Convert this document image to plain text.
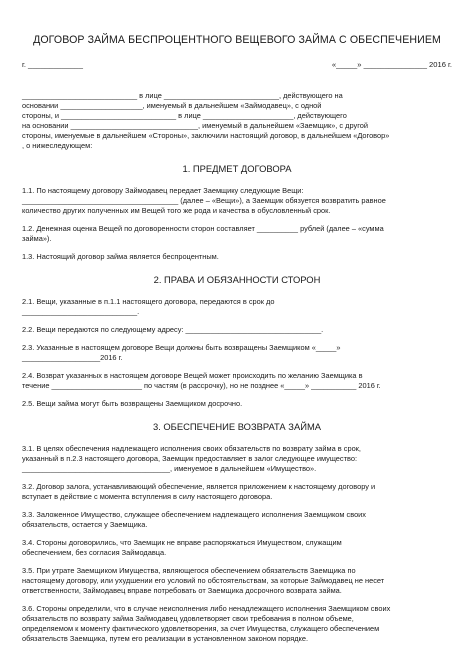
ДОГОВОР ЗАЙМА БЕСПРОЦЕНТНОГО ВЕЩЕВОГО ЗАЙМА С ОБЕСПЕЧЕНИЕМ
г. _____________	«_____» _______________ 2016 г.
____________________________ в лице ____________________________, действующего на
основании ____________________, именуемый в дальнейшем «Займодавец», с одной
стороны, и ____________________________ в лице ______________________, действующего
на основании _______________________________, именуемый в дальнейшем «Заемщик», с другой
стороны, именуемые в дальнейшем «Стороны», заключили настоящий договор, в дальнейшем «Договор»
, о нижеследующем:
1. ПРЕДМЕТ ДОГОВОРА
1.1. По настоящему договору Займодавец передает Заемщику следующие Вещи:
______________________________________ (далее – «Вещи»), а Заемщик обязуется возвратить равное
количество других полученных им Вещей того же рода и качества в обусловленный срок.
1.2. Денежная оценка Вещей по договоренности сторон составляет __________ рублей (далее – «сумма
займа»).
1.3. Настоящий договор займа является беспроцентным.
2. ПРАВА И ОБЯЗАННОСТИ СТОРОН
2.1. Вещи, указанные в п.1.1 настоящего договора, передаются в срок до
____________________________.
2.2. Вещи передаются по следующему адресу: _________________________________.
2.3. Указанные в настоящем договоре Вещи должны быть возвращены Заемщиком «_____»
___________________2016 г.
2.4. Возврат указанных в настоящем договоре Вещей может происходить по желанию Заемщика в
течение ______________________ по частям (в рассрочку), но не позднее «_____» ___________ 2016 г.
2.5. Вещи займа могут быть возвращены Заемщиком досрочно.
3. ОБЕСПЕЧЕНИЕ ВОЗВРАТА ЗАЙМА
3.1. В целях обеспечения надлежащего исполнения своих обязательств по возврату займа в срок,
указанный в п.2.3 настоящего договора, Заемщик предоставляет в залог следующее имущество:
____________________________________, именуемое в дальнейшем «Имущество».
3.2. Договор залога, устанавливающий обеспечение, является приложением к настоящему договору и
вступает в действие с момента вступления в силу настоящего договора.
3.3. Заложенное Имущество, служащее обеспечением надлежащего исполнения Заемщиком своих
обязательств, остается у Заемщика.
3.4. Стороны договорились, что Заемщик не вправе распоряжаться Имуществом, служащим
обеспечением, без согласия Займодавца.
3.5. При утрате Заемщиком Имущества, являющегося обеспечением обязательств Заемщика по
настоящему договору, или ухудшении его условий по обстоятельствам, за которые Займодавец не несет
ответственности, Займодавец вправе потребовать от Заемщика досрочного возврата займа.
3.6. Стороны определили, что в случае неисполнения либо ненадлежащего исполнения Заемщиком своих
обязательств по возврату займа Займодавец удовлетворяет свои требования в полном объеме,
определяемом к моменту фактического удовлетворения, за счет Имущества, служащего обеспечением
обязательств Заемщика, путем его реализации в установленном законом порядке.
